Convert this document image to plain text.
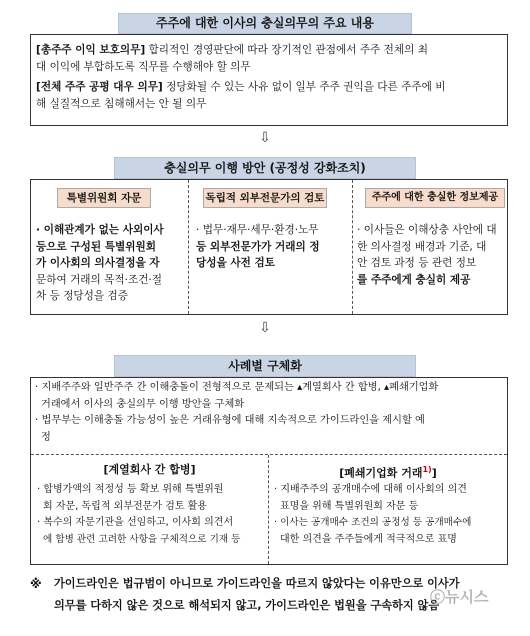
주주에 대한 이사의 충실의무의 주요 내용
[총주주 이익 보호의무] 합리적인 경영판단에 따라 장기적인 관점에서 주주 전체의 최
대 이익에 부합하도록 직무를 수행해야 할 의무
[전체 주주 공평 대우 의무] 정당화될 수 있는 사유 없이 일부 주주 권익을 다른 주주에 비
해 실질적으로 침해해서는 안 될 의무
⇩
충실의무 이행 방안 (공정성 강화조치)
특별위원회 자문
· 이해관계가 없는 사외이사
등으로 구성된 특별위원회
가 이사회의 의사결정을 자
문하여 거래의 목적·조건·절
차 등 정당성을 검증
독립적 외부전문가의 검토
· 법무·재무·세무·환경·노무
등 외부전문가가 거래의 정
당성을 사전 검토
주주에 대한 충실한 정보제공
· 이사들은 이해상충 사안에 대
한 의사결정 배경과 기준, 대
안 검토 과정 등 관련 정보
를 주주에게 충실히 제공
⇩
사례별 구체화
· 지배주주와 일반주주 간 이해충돌이 전형적으로 문제되는 ▴계열회사 간 합병, ▴폐쇄기업화
거래에서 이사의 충실의무 이행 방안을 구체화
· 법무부는 이해충돌 가능성이 높은 거래유형에 대해 지속적으로 가이드라인을 제시할 예
정
[계열회사 간 합병]
· 합병가액의 적정성 등 확보 위해 특별위원
회 자문, 독립적 외부전문가 검토 활용
· 복수의 자문기관을 선임하고, 이사회 의견서
에 합병 관련 고려한 사항을 구체적으로 기재 등
[폐쇄기업화 거래$^{1)}$]
· 지배주주의 공개매수에 대해 이사회의 의견
표명을 위해 특별위원회 자문 등
· 이사는 공개매수 조건의 공정성 등 공개매수에
대한 의견을 주주들에게 적극적으로 표명
※ 가이드라인은 법규범이 아니므로 가이드라인을 따르지 않았다는 이유만으로 이사가
의무를 다하지 않은 것으로 해석되지 않고, 가이드라인은 법원을 구속하지 않음
ⓒ뉴시스
